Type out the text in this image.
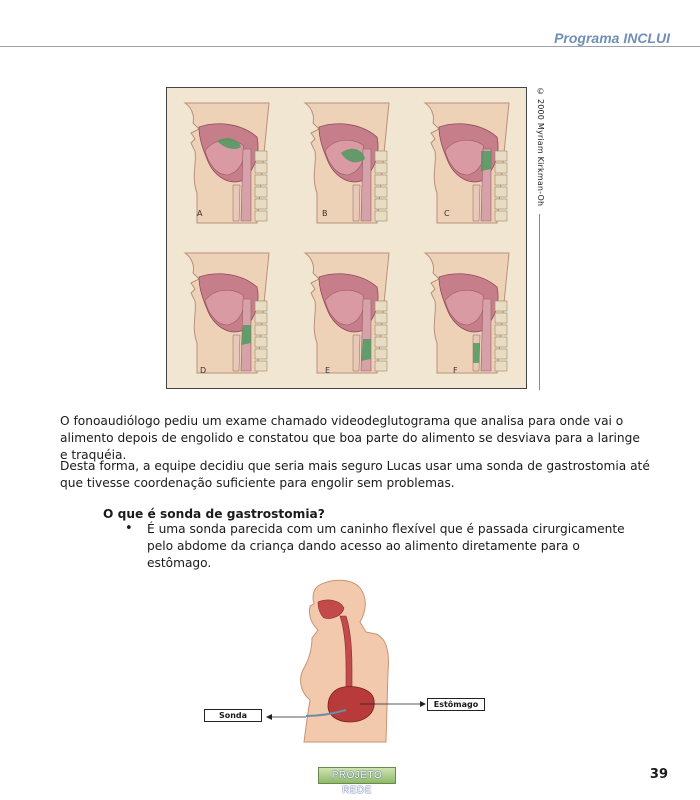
Programa INCLUI
A	B	C
D	E	F
© 2000 Myriam Kirkman-Oh

O fonoaudiólogo pediu um exame chamado videodeglutograma que analisa para onde vai o alimento depois de engolido e constatou que boa parte do alimento se desviava para a laringe e traquéia.

Desta forma, a equipe decidiu que seria mais seguro Lucas usar uma sonda de gastrostomia até que tivesse coordenação suficiente para engolir sem problemas.

O que é sonda de gastrostomia?
• É uma sonda parecida com um caninho flexível que é passada cirurgicamente pelo abdome da criança dando acesso ao alimento diretamente para o estômago.
Sonda
Estômago
PROJETO REDE
39
